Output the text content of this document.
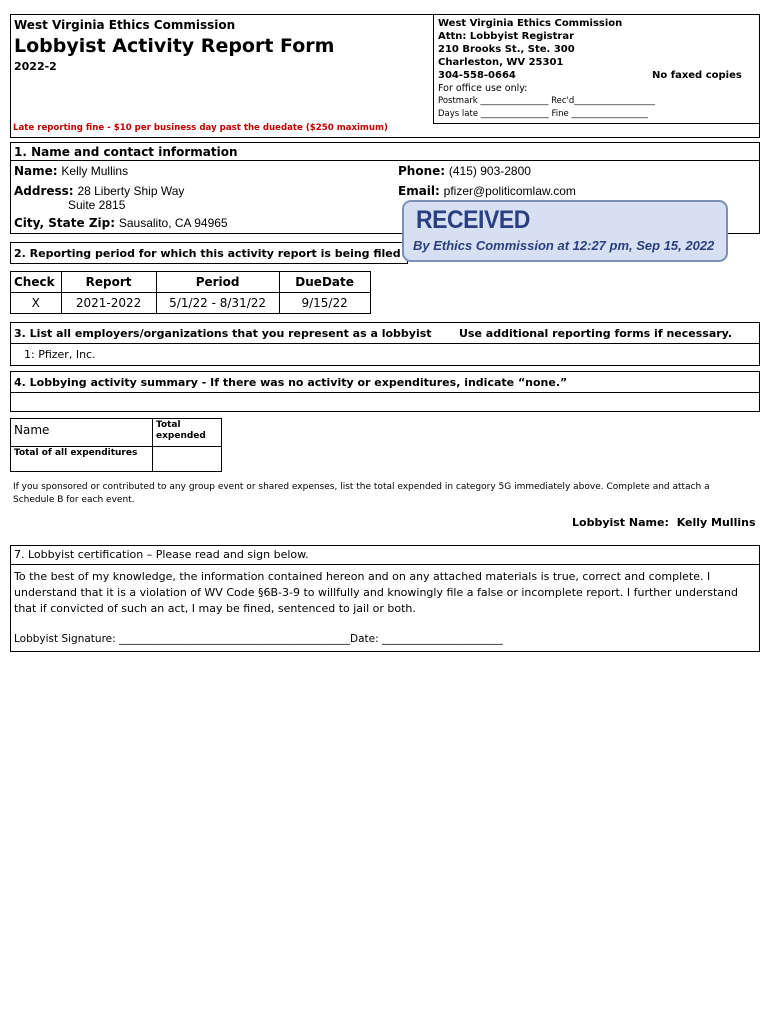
West Virginia Ethics Commission
Lobbyist Activity Report Form
2022-2
Late reporting fine - $10 per business day past the duedate ($250 maximum)
West Virginia Ethics Commission
Attn: Lobbyist Registrar
210 Brooks St., Ste. 300
Charleston, WV 25301
304-558-0664	No faxed copies
For office use only:
Postmark ________________ Rec'd___________________
Days late ________________ Fine __________________
1. Name and contact information
Name: Kelly Mullins
Address: 28 Liberty Ship Way
Suite 2815
City, State Zip: Sausalito, CA 94965
Phone: (415) 903-2800
Email: pfizer@politicomlaw.com
2. Reporting period for which this activity report is being filed
Check	Report	Period	DueDate
X	2021-2022	5/1/22 - 8/31/22	9/15/22
RECEIVED
By Ethics Commission at 12:27 pm, Sep 15, 2022
3. List all employers/organizations that you represent as a lobbyist Use additional reporting forms if necessary.
1: Pfizer, Inc.
4. Lobbying activity summary - If there was no activity or expenditures, indicate “none.”
Name	Total expended
Total of all expenditures	
If you sponsored or contributed to any group event or shared expenses, list the total expended in category 5G immediately above. Complete and attach a Schedule B for each event.
Lobbyist Name: Kelly Mullins
7. Lobbyist certification – Please read and sign below.
To the best of my knowledge, the information contained hereon and on any attached materials is true, correct and complete. I understand that it is a violation of WV Code §6B-3-9 to willfully and knowingly file a false or incomplete report. I further understand that if convicted of such an act, I may be fined, sentenced to jail or both.
Lobbyist Signature: ____________________________________________Date: _______________________
